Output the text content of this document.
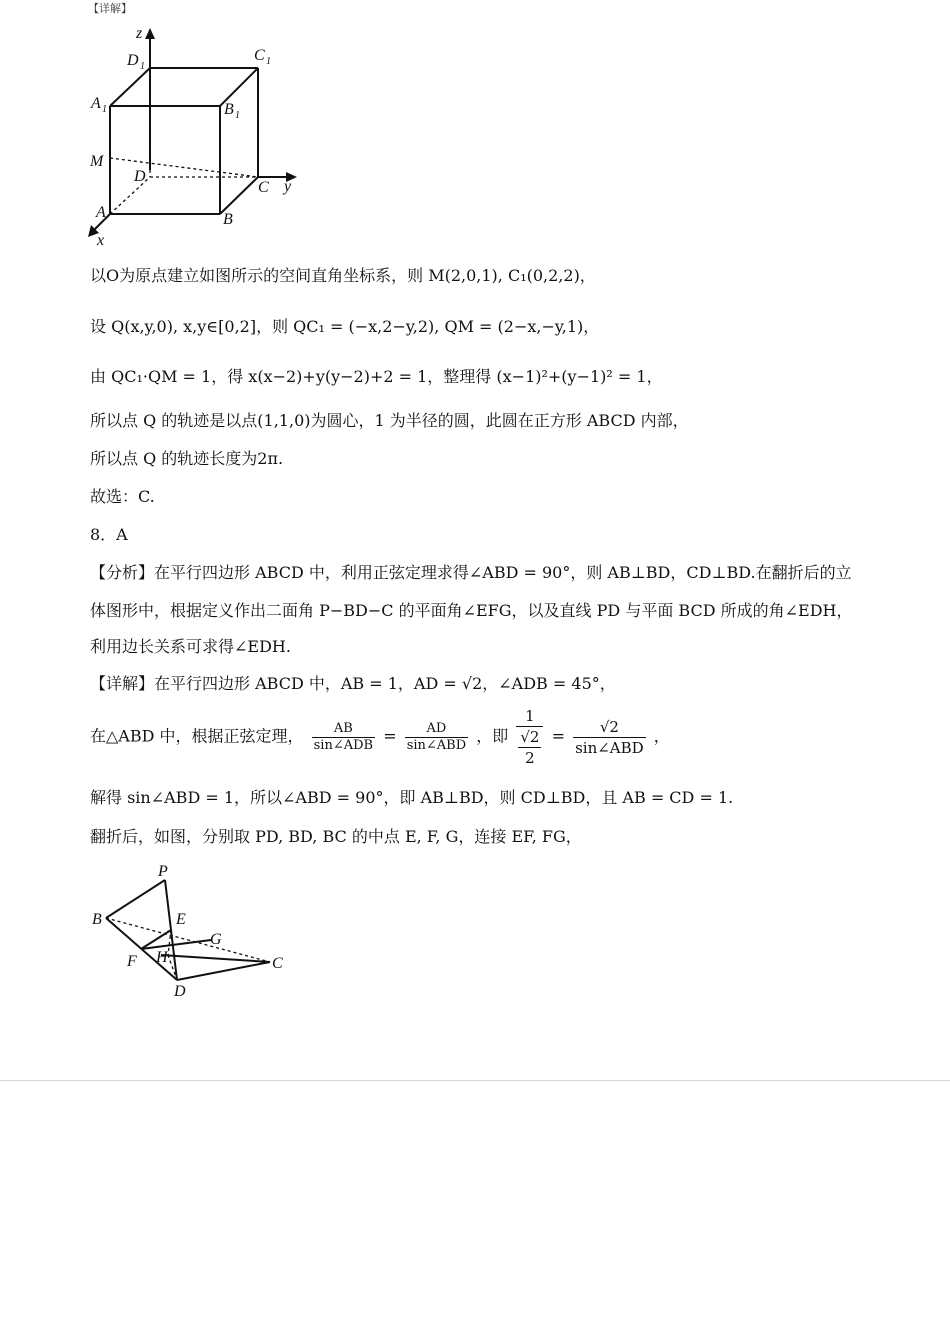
【详解】
z
D 1
C 1
A 1	B 1
M
D
C y
A	B
x
以O为原点建立如图所示的空间直角坐标系，则 M(2,0,1), C₁(0,2,2)，
设 Q(x,y,0), x,y∈[0,2]，则 QC₁ = (−x,2−y,2), QM = (2−x,−y,1)，
由 QC₁·QM = 1，得 x(x−2)+y(y−2)+2 = 1，整理得 (x−1)²+(y−1)² = 1，
所以点 Q 的轨迹是以点(1,1,0)为圆心，1 为半径的圆，此圆在正方形 ABCD 内部，
所以点 Q 的轨迹长度为2π.
故选：C.
8．A
【分析】在平行四边形 ABCD 中，利用正弦定理求得∠ABD = 90°，则 AB⊥BD，CD⊥BD.在翻折后的立
体图形中，根据定义作出二面角 P−BD−C 的平面角∠EFG，以及直线 PD 与平面 BCD 所成的角∠EDH，
利用边长关系可求得∠EDH.
【详解】在平行四边形 ABCD 中，AB = 1，AD = √2，∠ADB = 45°，
在△ABD 中，根据正弦定理， $\frac{AB}{\text{sin∠ADB}} = \frac{AD}{\text{sin∠ABD}}$ ，即 $\frac{1}{\frac{√2}{2}} = \frac{√2}{\text{sin∠ABD}}$ ，
解得 sin∠ABD = 1，所以∠ABD = 90°，即 AB⊥BD，则 CD⊥BD，且 AB = CD = 1.
翻折后，如图，分别取 PD, BD, BC 的中点 E, F, G，连接 EF, FG，
P
B	E
G
F H	C
D
